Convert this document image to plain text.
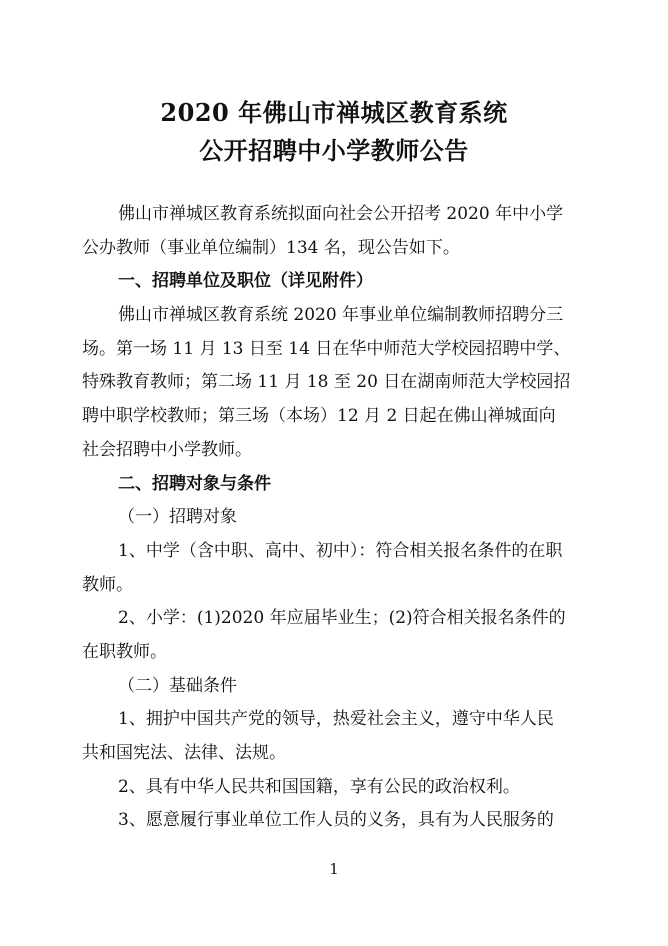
2020 年佛山市禅城区教育系统
公开招聘中小学教师公告
佛山市禅城区教育系统拟面向社会公开招考 2020 年中小学
公办教师（事业单位编制）134 名，现公告如下。
一、招聘单位及职位（详见附件）
佛山市禅城区教育系统 2020 年事业单位编制教师招聘分三
场。第一场 11 月 13 日至 14 日在华中师范大学校园招聘中学、
特殊教育教师；第二场 11 月 18 至 20 日在湖南师范大学校园招
聘中职学校教师；第三场（本场）12 月 2 日起在佛山禅城面向
社会招聘中小学教师。
二、招聘对象与条件
（一）招聘对象
1、中学（含中职、高中、初中）：符合相关报名条件的在职
教师。
2、小学：(1)2020 年应届毕业生；(2)符合相关报名条件的
在职教师。
（二）基础条件
1、拥护中国共产党的领导，热爱社会主义，遵守中华人民
共和国宪法、法律、法规。
2、具有中华人民共和国国籍，享有公民的政治权利。
3、愿意履行事业单位工作人员的义务，具有为人民服务的
1
